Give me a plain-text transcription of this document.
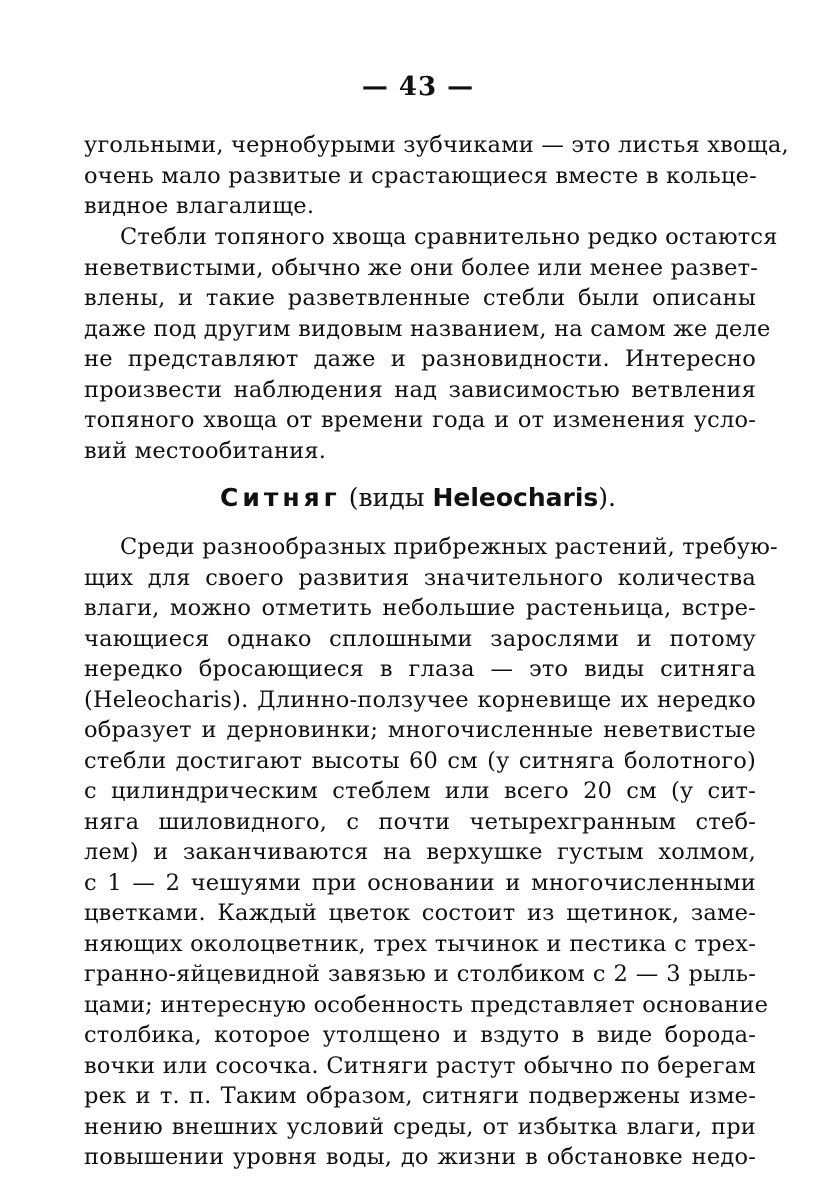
— 43 —
угольными, чернобурыми зубчиками — это листья хвоща,
очень мало развитые и срастающиеся вместе в кольце-
видное влагалище.
Стебли топяного хвоща сравнительно редко остаются
неветвистыми, обычно же они более или менее развет-
влены, и такие разветвленные стебли были описаны
даже под другим видовым названием, на самом же деле
не представляют даже и разновидности. Интересно
произвести наблюдения над зависимостью ветвления
топяного хвоща от времени года и от изменения усло-
вий местообитания.
Ситняг (виды Heleocharis).
Среди разнообразных прибрежных растений, требую-
щих для своего развития значительного количества
влаги, можно отметить небольшие растеньица, встре-
чающиеся однако сплошными зарослями и потому
нередко бросающиеся в глаза — это виды ситняга
(Heleocharis). Длинно-ползучее корневище их нередко
образует и дерновинки; многочисленные неветвистые
стебли достигают высоты 60 см (у ситняга болотного)
с цилиндрическим стеблем или всего 20 см (у сит-
няга шиловидного, с почти четырехгранным стеб-
лем) и заканчиваются на верхушке густым холмом,
с 1 — 2 чешуями при основании и многочисленными
цветками. Каждый цветок состоит из щетинок, заме-
няющих околоцветник, трех тычинок и пестика с трех-
гранно-яйцевидной завязью и столбиком с 2 — 3 рыль-
цами; интересную особенность представляет основание
столбика, которое утолщено и вздуто в виде борода-
вочки или сосочка. Ситняги растут обычно по берегам
рек и т. п. Таким образом, ситняги подвержены изме-
нению внешних условий среды, от избытка влаги, при
повышении уровня воды, до жизни в обстановке недо-
